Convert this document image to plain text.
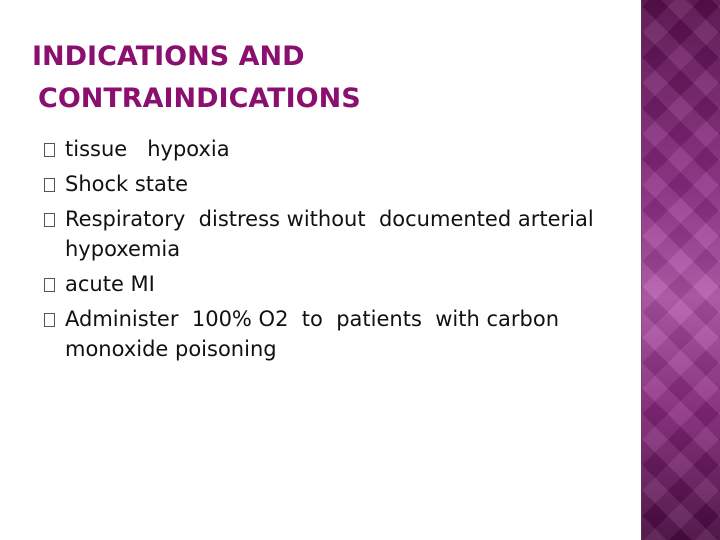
INDICATIONS AND
CONTRAINDICATIONS
tissue   hypoxia
Shock state
Respiratory  distress without  documented arterial  hypoxemia
acute MI
Administer  100% O2  to  patients  with carbon monoxide poisoning
